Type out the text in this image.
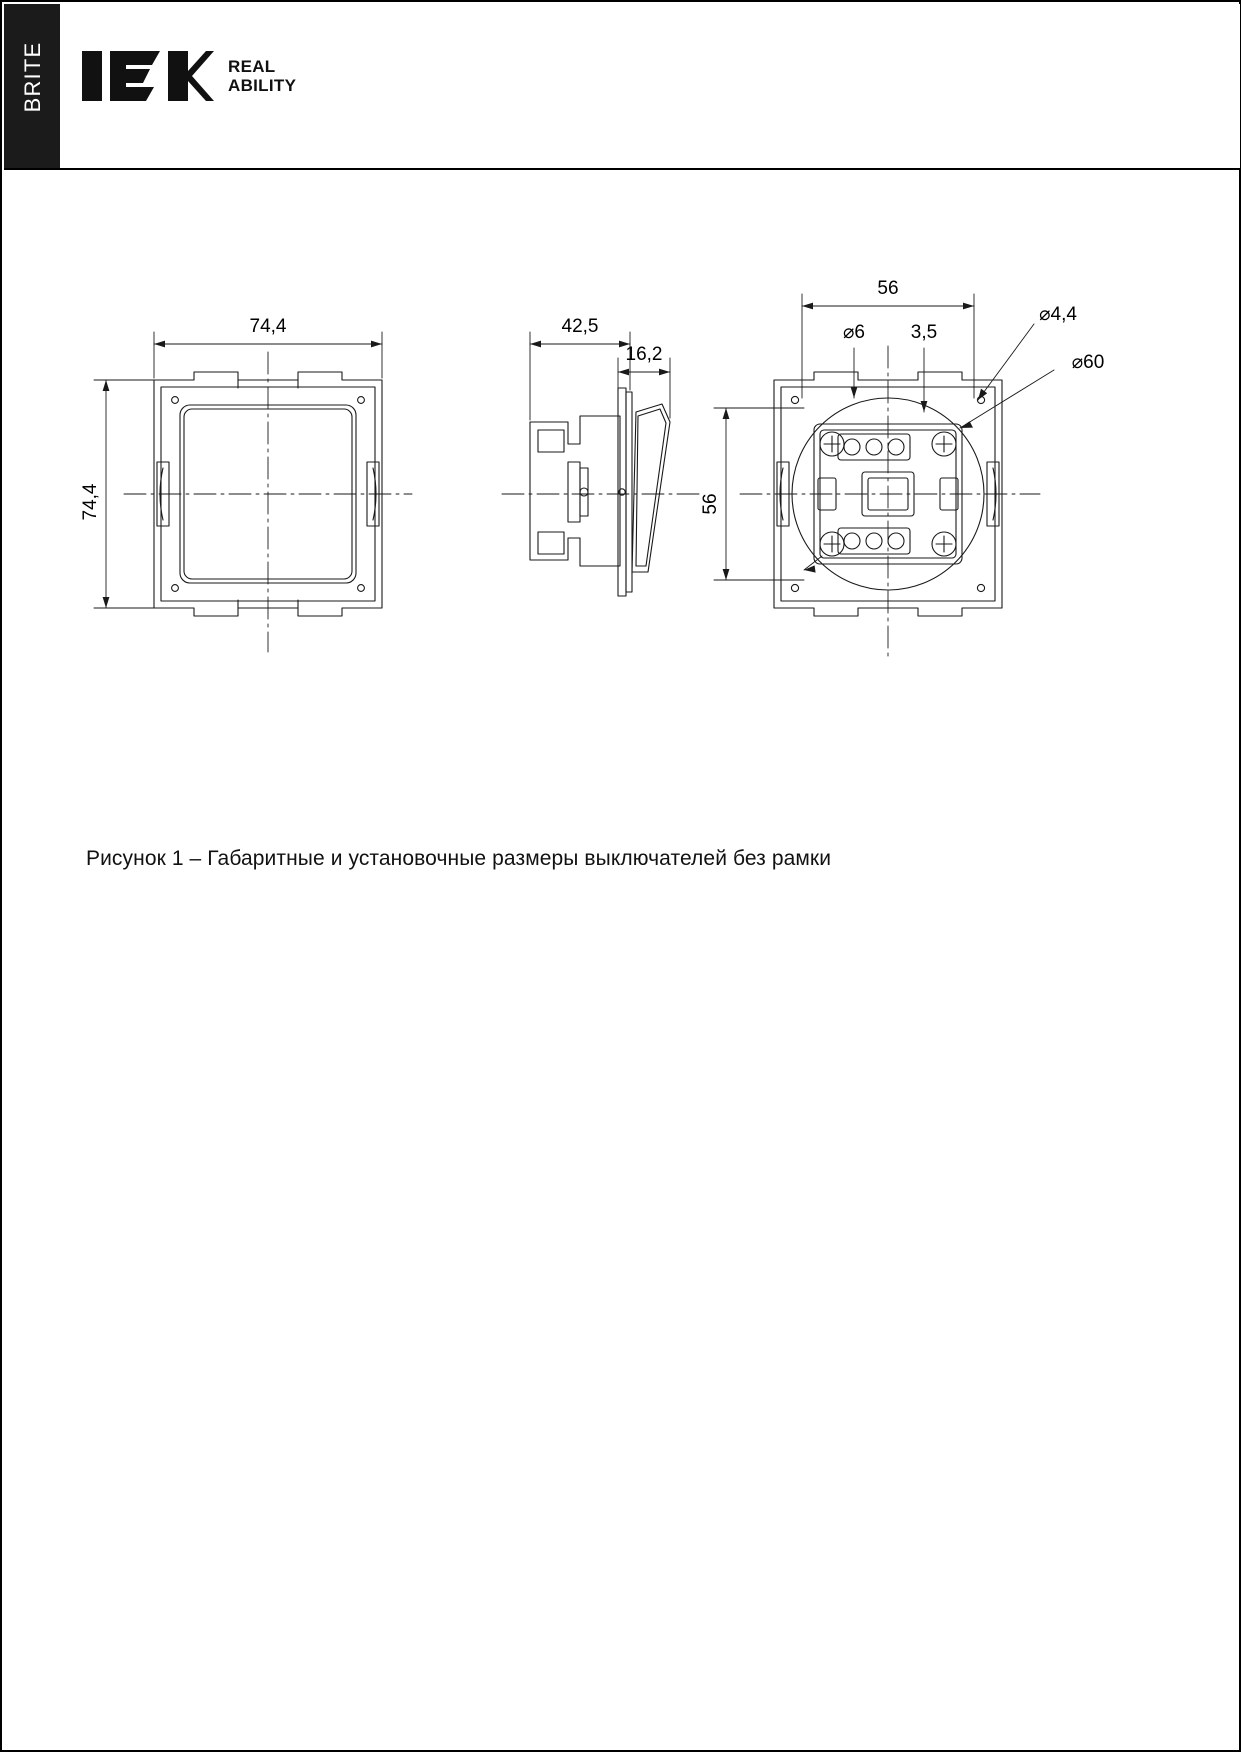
BRITE	REAL
ABILITY
74,4
74,4
42,5
16,2
56
56
⌀6 3,5
⌀4,4
⌀60
Рисунок 1 – Габаритные и установочные размеры выключателей без рамки
